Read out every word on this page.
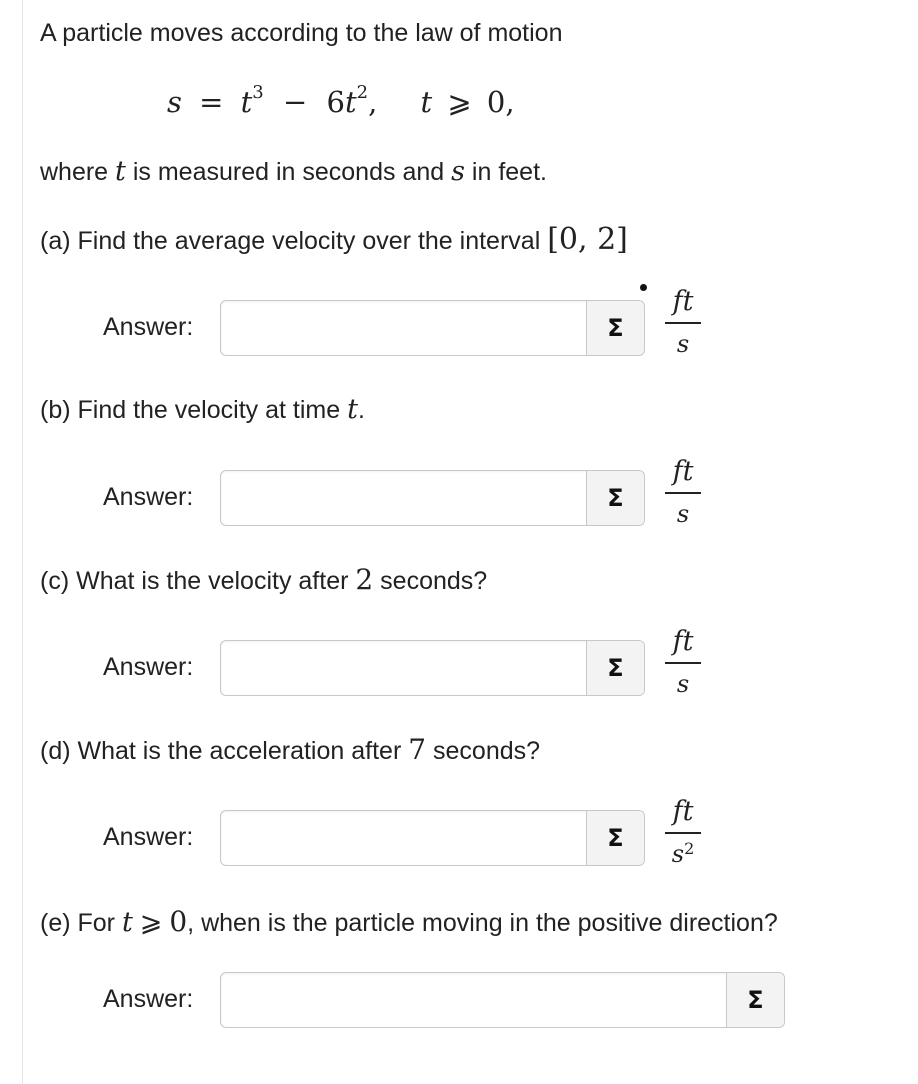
A particle moves according to the law of motion
$s = t^3 - 6t^2$, t ⩾ 0,
where t is measured in seconds and s in feet.
(a) Find the average velocity over the interval [0, 2]
Answer:	Σ
ft
s
(b) Find the velocity at time t.
Answer:	Σ
ft
s
(c) What is the velocity after 2 seconds?
Answer:	Σ
ft
s
(d) What is the acceleration after 7 seconds?
Answer:	Σ
ft
$s^2$
(e) For t ⩾ 0, when is the particle moving in the positive direction?
Answer:	Σ
